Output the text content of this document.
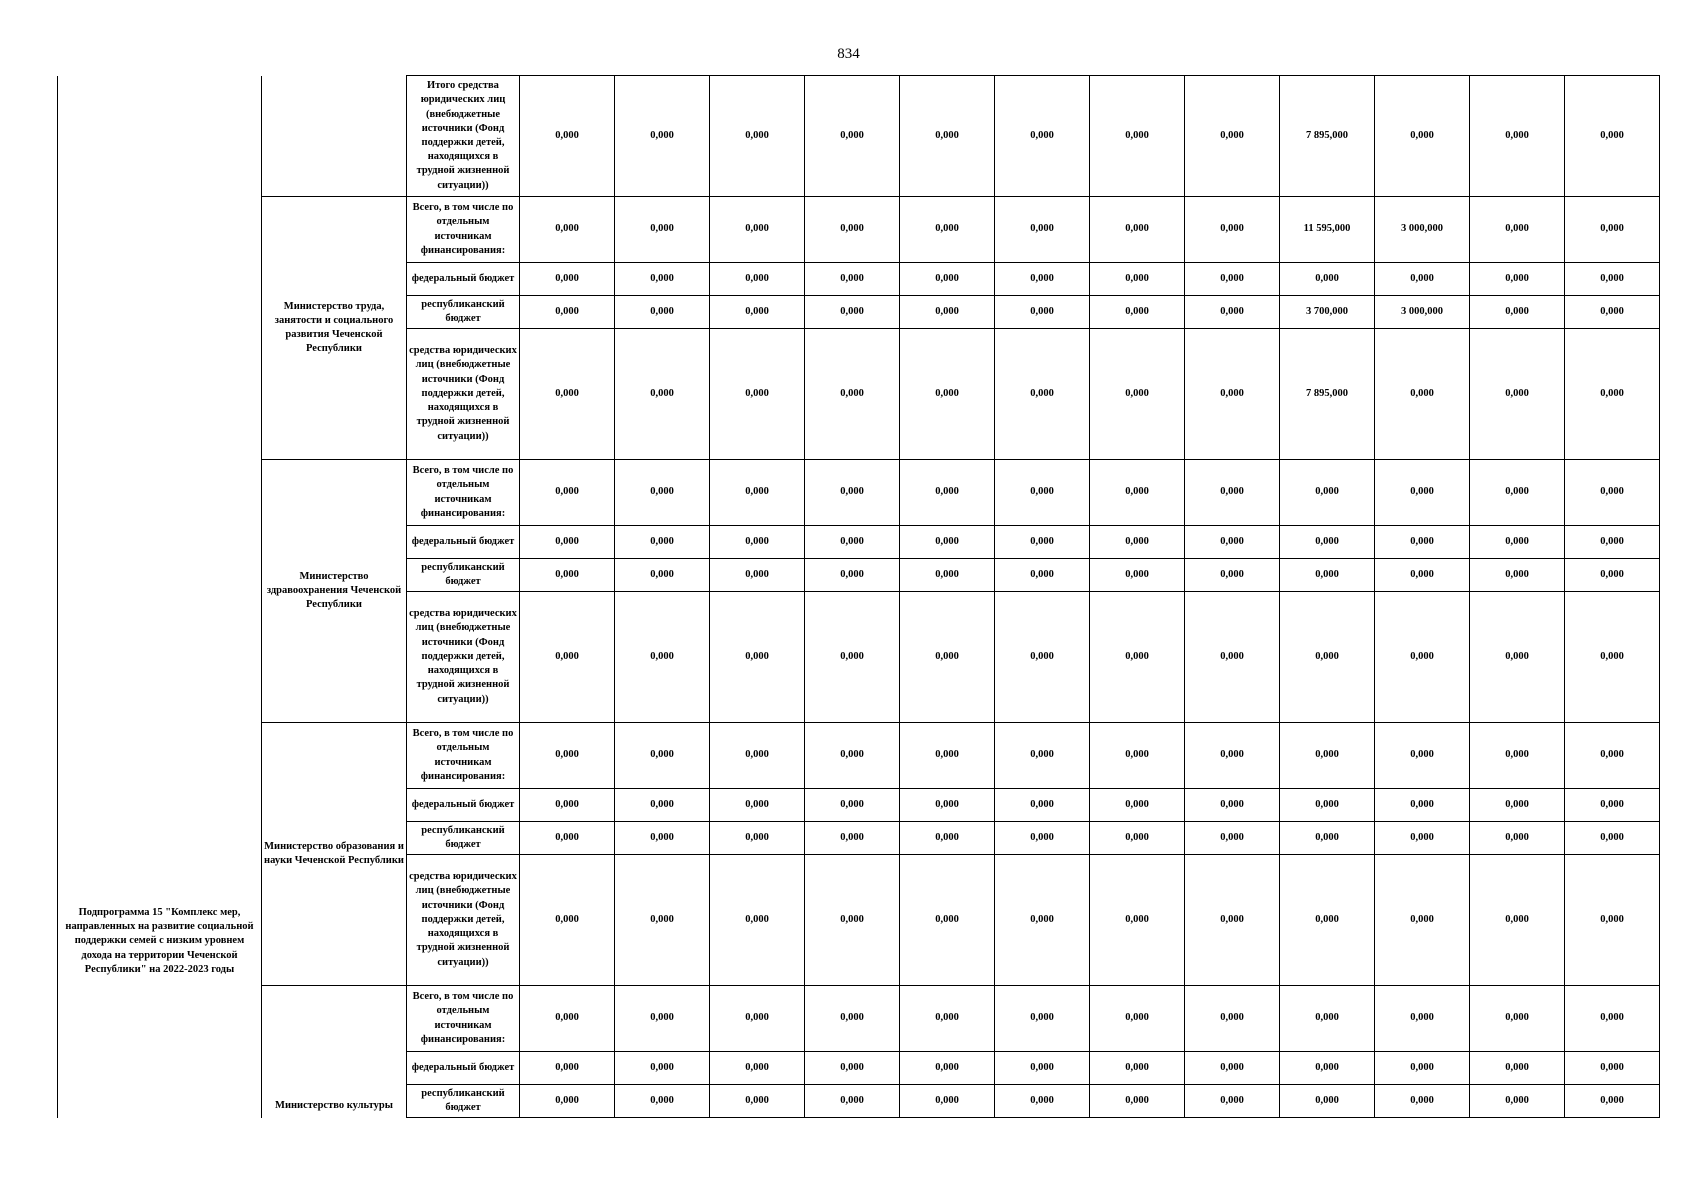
834
Подпрограмма 15 "Комплекс мер, направленных на развитие социальной поддержки семей с низким уровнем дохода на территории Чеченской Республики" на 2022-2023 годы		Итого средства юридических лиц (внебюджетные источники (Фонд поддержки детей, находящихся в трудной жизненной ситуации))	0,000	0,000	0,000	0,000	0,000	0,000	0,000	0,000	7 895,000	0,000	0,000	0,000
	Министерство труда, занятости и социального развития Чеченской Республики	Всего, в том числе по отдельным источникам финансирования:	0,000	0,000	0,000	0,000	0,000	0,000	0,000	0,000	11 595,000	3 000,000	0,000	0,000
		федеральный бюджет	0,000	0,000	0,000	0,000	0,000	0,000	0,000	0,000	0,000	0,000	0,000	0,000
		республиканский бюджет	0,000	0,000	0,000	0,000	0,000	0,000	0,000	0,000	3 700,000	3 000,000	0,000	0,000
		средства юридических лиц (внебюджетные источники (Фонд поддержки детей, находящихся в трудной жизненной ситуации))	0,000	0,000	0,000	0,000	0,000	0,000	0,000	0,000	7 895,000	0,000	0,000	0,000
	Министерство здравоохранения Чеченской Республики	Всего, в том числе по отдельным источникам финансирования:	0,000	0,000	0,000	0,000	0,000	0,000	0,000	0,000	0,000	0,000	0,000	0,000
		федеральный бюджет	0,000	0,000	0,000	0,000	0,000	0,000	0,000	0,000	0,000	0,000	0,000	0,000
		республиканский бюджет	0,000	0,000	0,000	0,000	0,000	0,000	0,000	0,000	0,000	0,000	0,000	0,000
		средства юридических лиц (внебюджетные источники (Фонд поддержки детей, находящихся в трудной жизненной ситуации))	0,000	0,000	0,000	0,000	0,000	0,000	0,000	0,000	0,000	0,000	0,000	0,000
	Министерство образования и науки Чеченской Республики	Всего, в том числе по отдельным источникам финансирования:	0,000	0,000	0,000	0,000	0,000	0,000	0,000	0,000	0,000	0,000	0,000	0,000
		федеральный бюджет	0,000	0,000	0,000	0,000	0,000	0,000	0,000	0,000	0,000	0,000	0,000	0,000
		республиканский бюджет	0,000	0,000	0,000	0,000	0,000	0,000	0,000	0,000	0,000	0,000	0,000	0,000
		средства юридических лиц (внебюджетные источники (Фонд поддержки детей, находящихся в трудной жизненной ситуации))	0,000	0,000	0,000	0,000	0,000	0,000	0,000	0,000	0,000	0,000	0,000	0,000
	Министерство культуры	Всего, в том числе по отдельным источникам финансирования:	0,000	0,000	0,000	0,000	0,000	0,000	0,000	0,000	0,000	0,000	0,000	0,000
		федеральный бюджет	0,000	0,000	0,000	0,000	0,000	0,000	0,000	0,000	0,000	0,000	0,000	0,000
		республиканский бюджет	0,000	0,000	0,000	0,000	0,000	0,000	0,000	0,000	0,000	0,000	0,000	0,000
